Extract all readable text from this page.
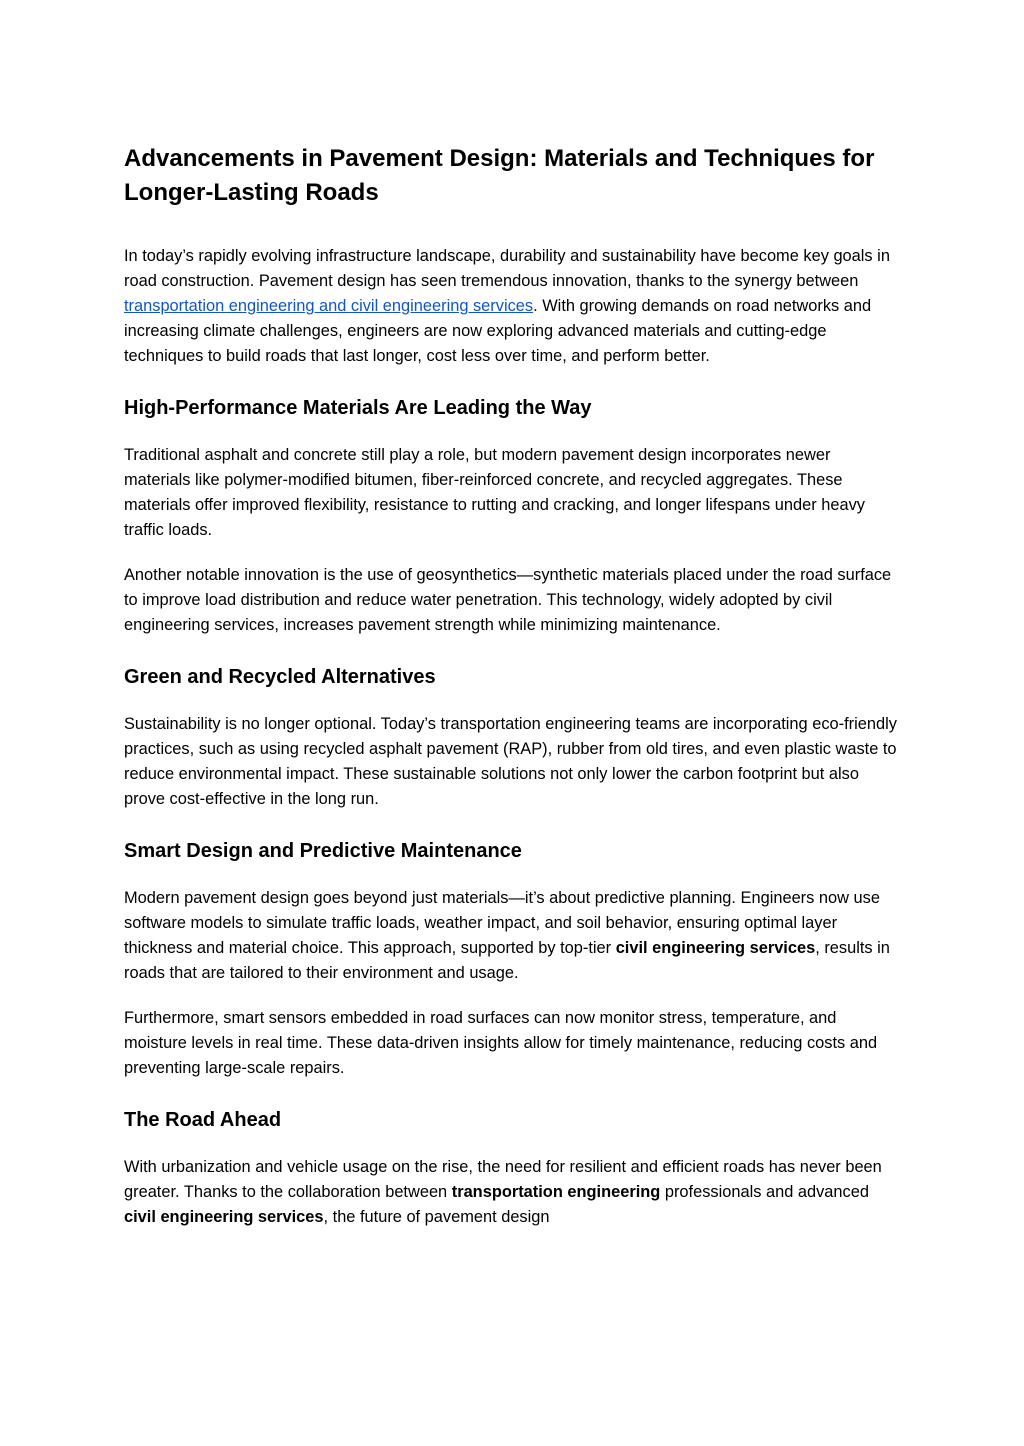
Advancements in Pavement Design: Materials and Techniques for Longer-Lasting Roads

In today’s rapidly evolving infrastructure landscape, durability and sustainability have become key goals in road construction. Pavement design has seen tremendous innovation, thanks to the synergy between transportation engineering and civil engineering services. With growing demands on road networks and increasing climate challenges, engineers are now exploring advanced materials and cutting-edge techniques to build roads that last longer, cost less over time, and perform better.

High-Performance Materials Are Leading the Way

Traditional asphalt and concrete still play a role, but modern pavement design incorporates newer materials like polymer-modified bitumen, fiber-reinforced concrete, and recycled aggregates. These materials offer improved flexibility, resistance to rutting and cracking, and longer lifespans under heavy traffic loads.

Another notable innovation is the use of geosynthetics—synthetic materials placed under the road surface to improve load distribution and reduce water penetration. This technology, widely adopted by civil engineering services, increases pavement strength while minimizing maintenance.

Green and Recycled Alternatives

Sustainability is no longer optional. Today’s transportation engineering teams are incorporating eco-friendly practices, such as using recycled asphalt pavement (RAP), rubber from old tires, and even plastic waste to reduce environmental impact. These sustainable solutions not only lower the carbon footprint but also prove cost-effective in the long run.

Smart Design and Predictive Maintenance

Modern pavement design goes beyond just materials—it’s about predictive planning. Engineers now use software models to simulate traffic loads, weather impact, and soil behavior, ensuring optimal layer thickness and material choice. This approach, supported by top-tier civil engineering services, results in roads that are tailored to their environment and usage.

Furthermore, smart sensors embedded in road surfaces can now monitor stress, temperature, and moisture levels in real time. These data-driven insights allow for timely maintenance, reducing costs and preventing large-scale repairs.

The Road Ahead

With urbanization and vehicle usage on the rise, the need for resilient and efficient roads has never been greater. Thanks to the collaboration between transportation engineering professionals and advanced civil engineering services, the future of pavement design
